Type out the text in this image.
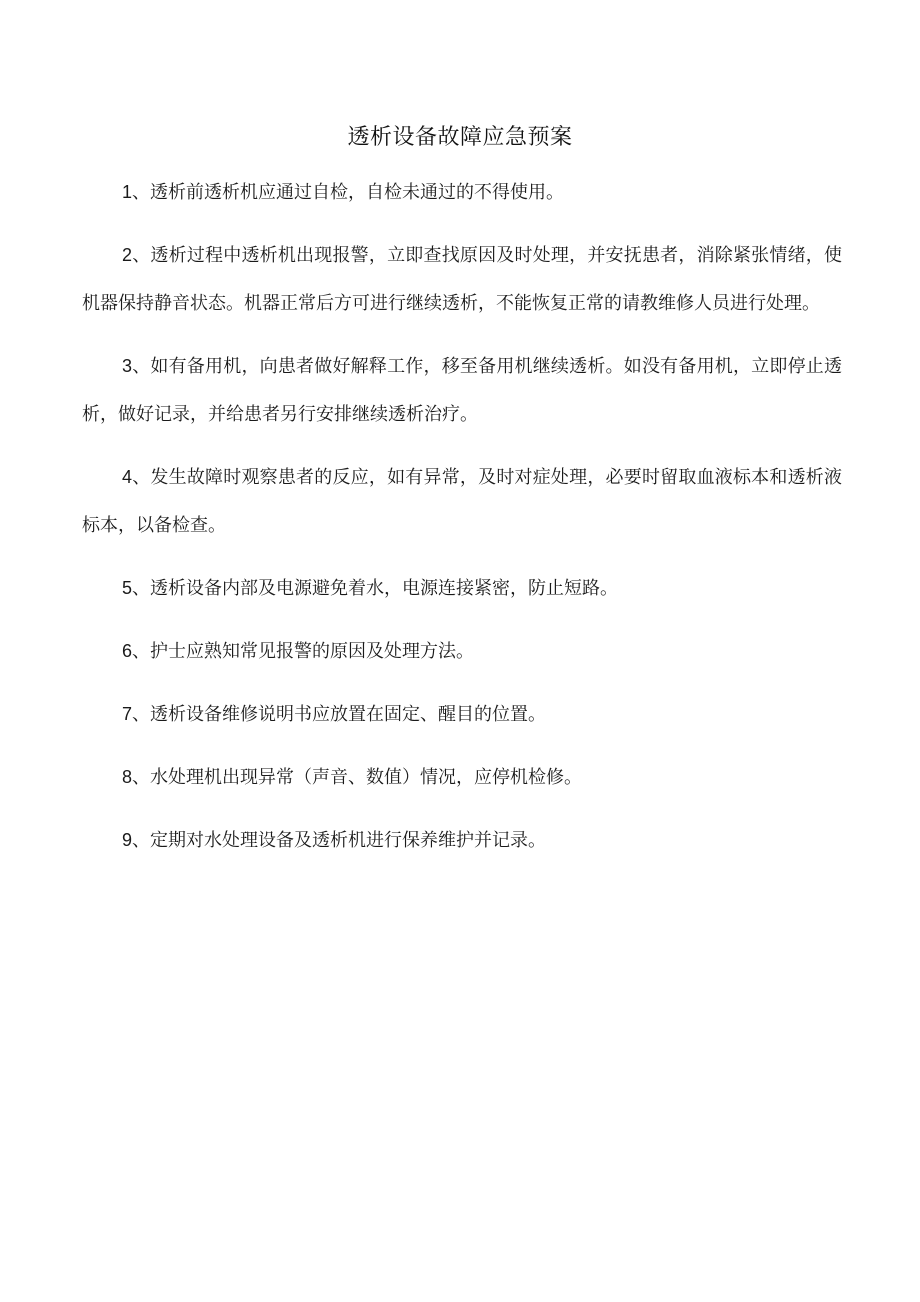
透析设备故障应急预案

1、透析前透析机应通过自检，自检未通过的不得使用。

2、透析过程中透析机出现报警，立即查找原因及时处理，并安抚患者，消除紧张情绪，使机器保持静音状态。机器正常后方可进行继续透析，不能恢复正常的请教维修人员进行处理。

3、如有备用机，向患者做好解释工作，移至备用机继续透析。如没有备用机，立即停止透析，做好记录，并给患者另行安排继续透析治疗。

4、发生故障时观察患者的反应，如有异常，及时对症处理，必要时留取血液标本和透析液标本，以备检查。

5、透析设备内部及电源避免着水，电源连接紧密，防止短路。

6、护士应熟知常见报警的原因及处理方法。

7、透析设备维修说明书应放置在固定、醒目的位置。

8、水处理机出现异常（声音、数值）情况，应停机检修。

9、定期对水处理设备及透析机进行保养维护并记录。
